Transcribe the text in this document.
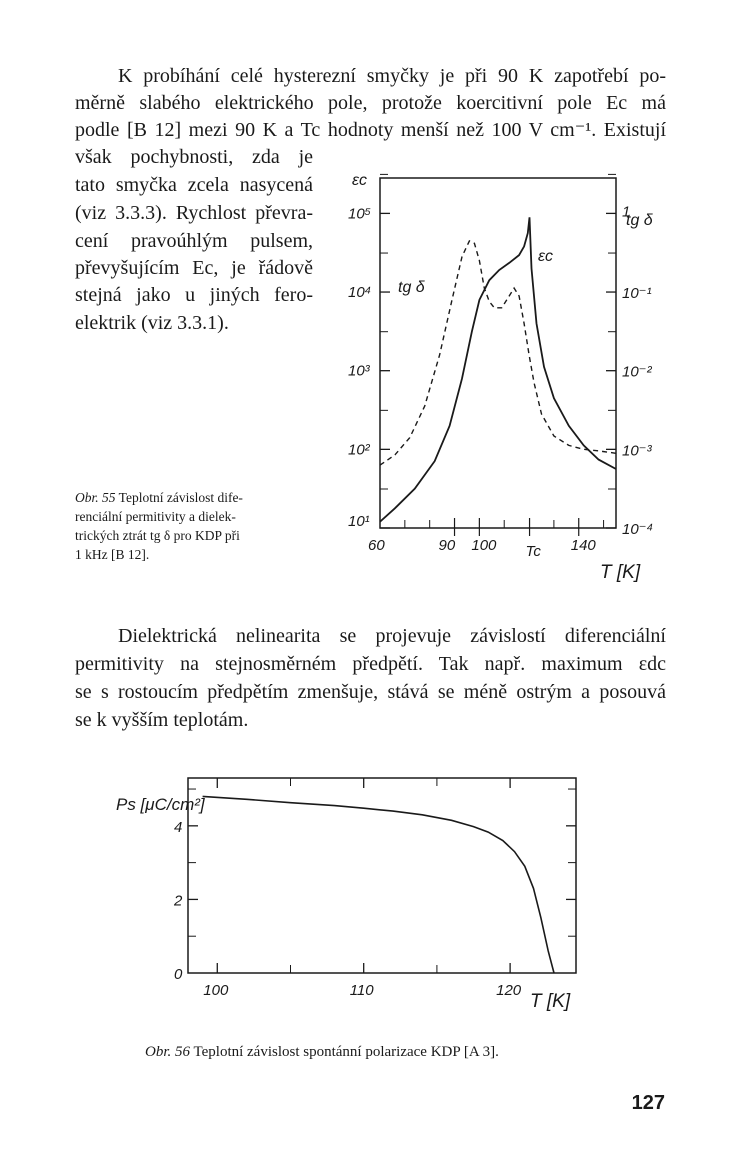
K probíhání celé hysterezní smyčky je při 90 K zapotřebí po-

měrně slabého elektrického pole, protože koercitivní pole Ec má

podle [B 12] mezi 90 K a Tc hodnoty menší než 100 V cm⁻¹. Existují

však pochybnosti, zda je

tato smyčka zcela nasycená

(viz 3.3.3). Rychlost převra-

cení pravoúhlým pulsem,

převyšujícím Ec, je řádově

stejná jako u jiných fero-

elektrik (viz 3.3.1).

Obr. 55 Teplotní závislost dife-
renciální permitivity a dielek-
trických ztrát tg δ pro KDP při
1 kHz [B 12].

Dielektrická nelinearita se projevuje závislostí diferenciální

permitivity na stejnosměrném předpětí. Tak např. maximum εdc

se s rostoucím předpětím zmenšuje, stává se méně ostrým a posouvá

se k vyšším teplotám.

Obr. 56 Teplotní závislost spontánní polarizace KDP [A 3].
127
10¹
10²
10³
10⁴
10⁵
10⁻⁴
10⁻³
10⁻²
10⁻¹
1
60	90 100 Tc 140
εc
tg δ
tg δ
εc
T [K]
0
2
4
100	110	120
Ps [μC/cm²]
T [K]
